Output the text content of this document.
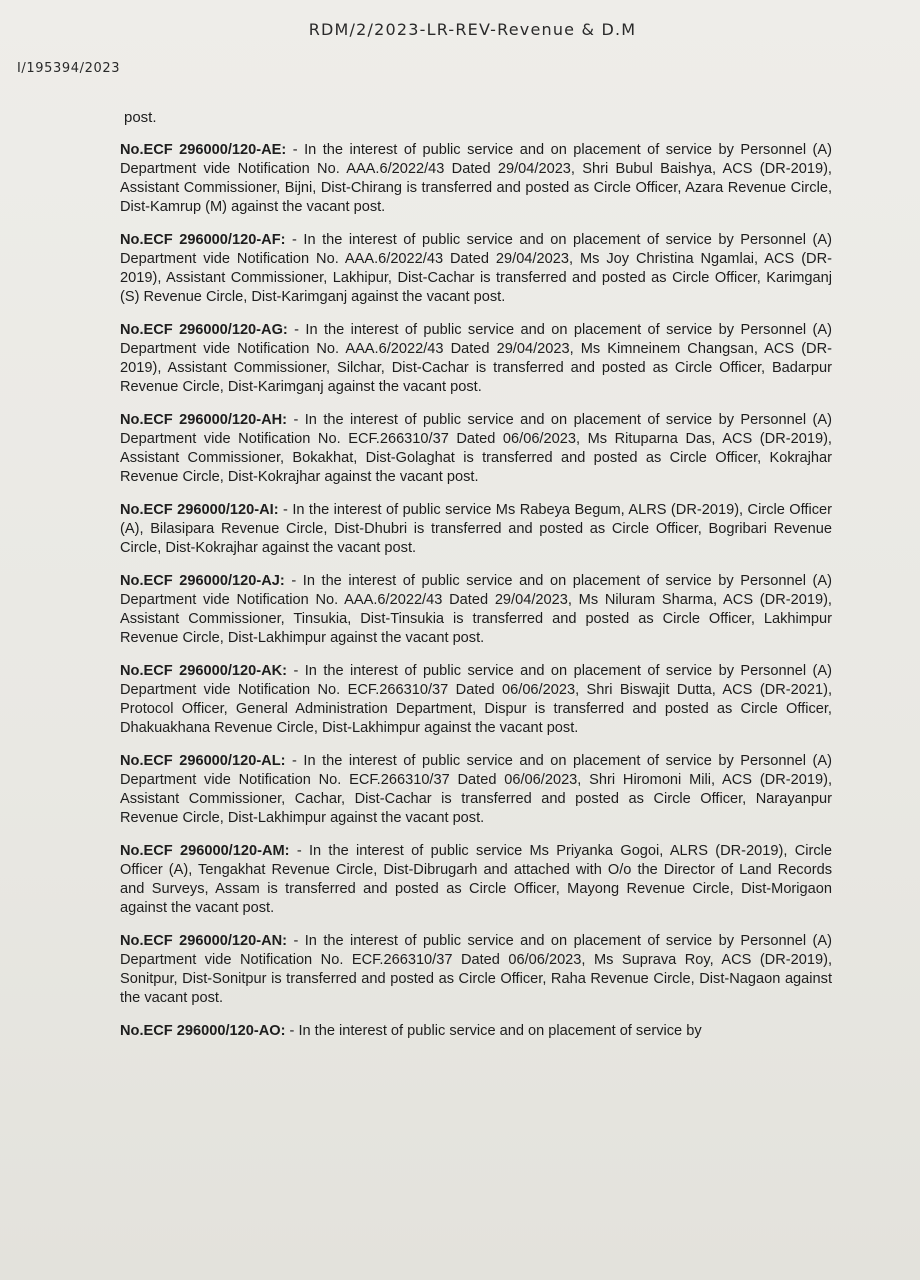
RDM/2/2023-LR-REV-Revenue & D.M
I/195394/2023

post.

No.ECF 296000/120-AE: - In the interest of public service and on placement of service by Personnel (A) Department vide Notification No. AAA.6/2022/43 Dated 29/04/2023, Shri Bubul Baishya, ACS (DR-2019), Assistant Commissioner, Bijni, Dist-Chirang is transferred and posted as Circle Officer, Azara Revenue Circle, Dist-Kamrup (M) against the vacant post.

No.ECF 296000/120-AF: - In the interest of public service and on placement of service by Personnel (A) Department vide Notification No. AAA.6/2022/43 Dated 29/04/2023, Ms Joy Christina Ngamlai, ACS (DR-2019), Assistant Commissioner, Lakhipur, Dist-Cachar is transferred and posted as Circle Officer, Karimganj (S) Revenue Circle, Dist-Karimganj against the vacant post.

No.ECF 296000/120-AG: - In the interest of public service and on placement of service by Personnel (A) Department vide Notification No. AAA.6/2022/43 Dated 29/04/2023, Ms Kimneinem Changsan, ACS (DR-2019), Assistant Commissioner, Silchar, Dist-Cachar is transferred and posted as Circle Officer, Badarpur Revenue Circle, Dist-Karimganj against the vacant post.

No.ECF 296000/120-AH: - In the interest of public service and on placement of service by Personnel (A) Department vide Notification No. ECF.266310/37 Dated 06/06/2023, Ms Rituparna Das, ACS (DR-2019), Assistant Commissioner, Bokakhat, Dist-Golaghat is transferred and posted as Circle Officer, Kokrajhar Revenue Circle, Dist-Kokrajhar against the vacant post.

No.ECF 296000/120-AI: - In the interest of public service Ms Rabeya Begum, ALRS (DR-2019), Circle Officer (A), Bilasipara Revenue Circle, Dist-Dhubri is transferred and posted as Circle Officer, Bogribari Revenue Circle, Dist-Kokrajhar against the vacant post.

No.ECF 296000/120-AJ: - In the interest of public service and on placement of service by Personnel (A) Department vide Notification No. AAA.6/2022/43 Dated 29/04/2023, Ms Niluram Sharma, ACS (DR-2019), Assistant Commissioner, Tinsukia, Dist-Tinsukia is transferred and posted as Circle Officer, Lakhimpur Revenue Circle, Dist-Lakhimpur against the vacant post.

No.ECF 296000/120-AK: - In the interest of public service and on placement of service by Personnel (A) Department vide Notification No. ECF.266310/37 Dated 06/06/2023, Shri Biswajit Dutta, ACS (DR-2021), Protocol Officer, General Administration Department, Dispur is transferred and posted as Circle Officer, Dhakuakhana Revenue Circle, Dist-Lakhimpur against the vacant post.

No.ECF 296000/120-AL: - In the interest of public service and on placement of service by Personnel (A) Department vide Notification No. ECF.266310/37 Dated 06/06/2023, Shri Hiromoni Mili, ACS (DR-2019), Assistant Commissioner, Cachar, Dist-Cachar is transferred and posted as Circle Officer, Narayanpur Revenue Circle, Dist-Lakhimpur against the vacant post.

No.ECF 296000/120-AM: - In the interest of public service Ms Priyanka Gogoi, ALRS (DR-2019), Circle Officer (A), Tengakhat Revenue Circle, Dist-Dibrugarh and attached with O/o the Director of Land Records and Surveys, Assam is transferred and posted as Circle Officer, Mayong Revenue Circle, Dist-Morigaon against the vacant post.

No.ECF 296000/120-AN: - In the interest of public service and on placement of service by Personnel (A) Department vide Notification No. ECF.266310/37 Dated 06/06/2023, Ms Suprava Roy, ACS (DR-2019), Sonitpur, Dist-Sonitpur is transferred and posted as Circle Officer, Raha Revenue Circle, Dist-Nagaon against the vacant post.

No.ECF 296000/120-AO: - In the interest of public service and on placement of service by
